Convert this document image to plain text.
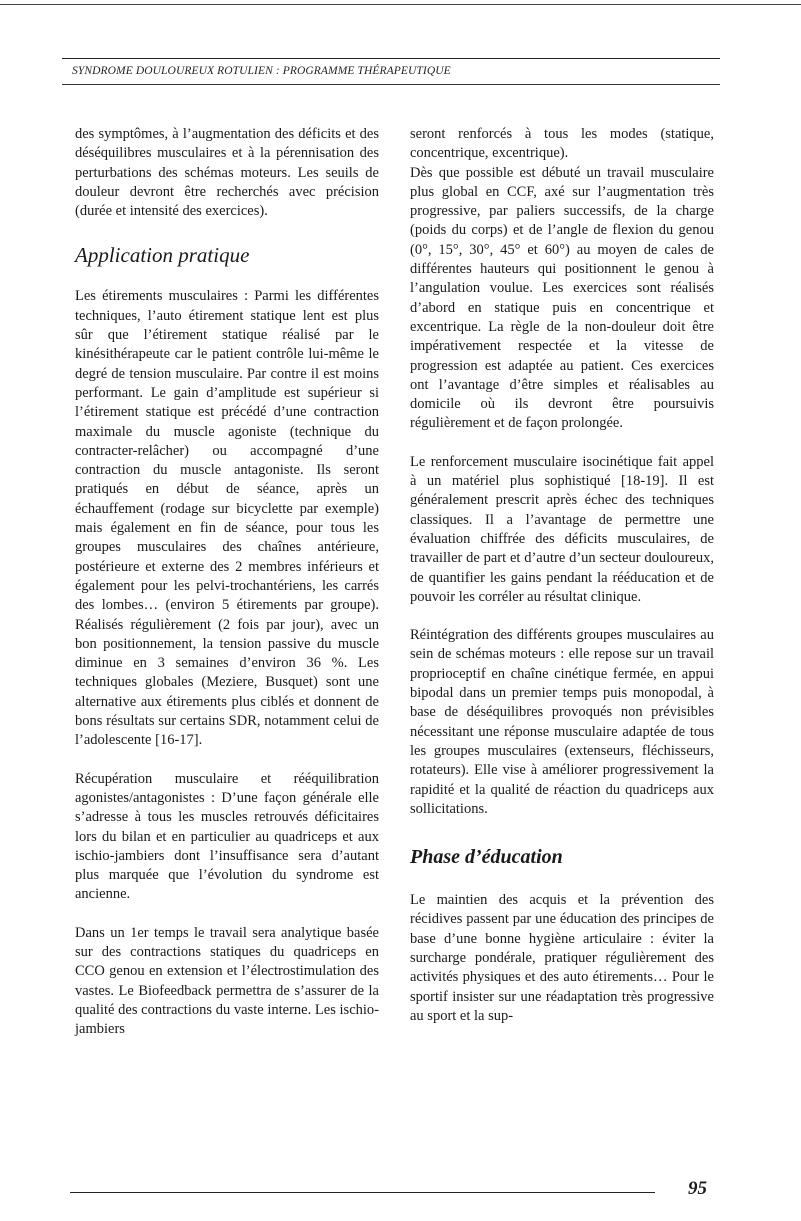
SYNDROME DOULOUREUX ROTULIEN : PROGRAMME THÉRAPEUTIQUE

des symptômes, à l’augmentation des déficits et des déséquilibres musculaires et à la pérennisation des perturbations des schémas moteurs. Les seuils de douleur devront être recherchés avec précision (durée et intensité des exercices).

Application pratique

Les étirements musculaires : Parmi les différentes techniques, l’auto étirement statique lent est plus sûr que l’étirement statique réalisé par le kinésithérapeute car le patient contrôle lui-même le degré de tension musculaire. Par contre il est moins performant. Le gain d’amplitude est supérieur si l’étirement statique est précédé d’une contraction maximale du muscle agoniste (technique du contracter-relâcher) ou accompagné d’une contraction du muscle antagoniste. Ils seront pratiqués en début de séance, après un échauffement (rodage sur bicyclette par exemple) mais également en fin de séance, pour tous les groupes musculaires des chaînes antérieure, postérieure et externe des 2 membres inférieurs et également pour les pelvi-trochantériens, les carrés des lombes… (environ 5 étirements par groupe). Réalisés régulièrement (2 fois par jour), avec un bon positionnement, la tension passive du muscle diminue en 3 semaines d’environ 36 %. Les techniques globales (Meziere, Busquet) sont une alternative aux étirements plus ciblés et donnent de bons résultats sur certains SDR, notamment celui de l’adolescente [16-17].

Récupération musculaire et rééquilibration agonistes/antagonistes : D’une façon générale elle s’adresse à tous les muscles retrouvés déficitaires lors du bilan et en particulier au quadriceps et aux ischio-jambiers dont l’insuffisance sera d’autant plus marquée que l’évolution du syndrome est ancienne.

Dans un 1er temps le travail sera analytique basée sur des contractions statiques du quadriceps en CCO genou en extension et l’électrostimulation des vastes. Le Biofeedback permettra de s’assurer de la qualité des contractions du vaste interne. Les ischio-jambiers

seront renforcés à tous les modes (statique, concentrique, excentrique).

Dès que possible est débuté un travail musculaire plus global en CCF, axé sur l’augmentation très progressive, par paliers successifs, de la charge (poids du corps) et de l’angle de flexion du genou (0°, 15°, 30°, 45° et 60°) au moyen de cales de différentes hauteurs qui positionnent le genou à l’angulation voulue. Les exercices sont réalisés d’abord en statique puis en concentrique et excentrique. La règle de la non-douleur doit être impérativement respectée et la vitesse de progression est adaptée au patient. Ces exercices ont l’avantage d’être simples et réalisables au domicile où ils devront être poursuivis régulièrement et de façon prolongée.

Le renforcement musculaire isocinétique fait appel à un matériel plus sophistiqué [18-19]. Il est généralement prescrit après échec des techniques classiques. Il a l’avantage de permettre une évaluation chiffrée des déficits musculaires, de travailler de part et d’autre d’un secteur douloureux, de quantifier les gains pendant la rééducation et de pouvoir les corréler au résultat clinique.

Réintégration des différents groupes musculaires au sein de schémas moteurs : elle repose sur un travail proprioceptif en chaîne cinétique fermée, en appui bipodal dans un premier temps puis monopodal, à base de déséquilibres provoqués non prévisibles nécessitant une réponse musculaire adaptée de tous les groupes musculaires (extenseurs, fléchisseurs, rotateurs). Elle vise à améliorer progressivement la rapidité et la qualité de réaction du quadriceps aux sollicitations.

Phase d’éducation

Le maintien des acquis et la prévention des récidives passent par une éducation des principes de base d’une bonne hygiène articulaire : éviter la surcharge pondérale, pratiquer régulièrement des activités physiques et des auto étirements… Pour le sportif insister sur une réadaptation très progressive au sport et la sup-

95
